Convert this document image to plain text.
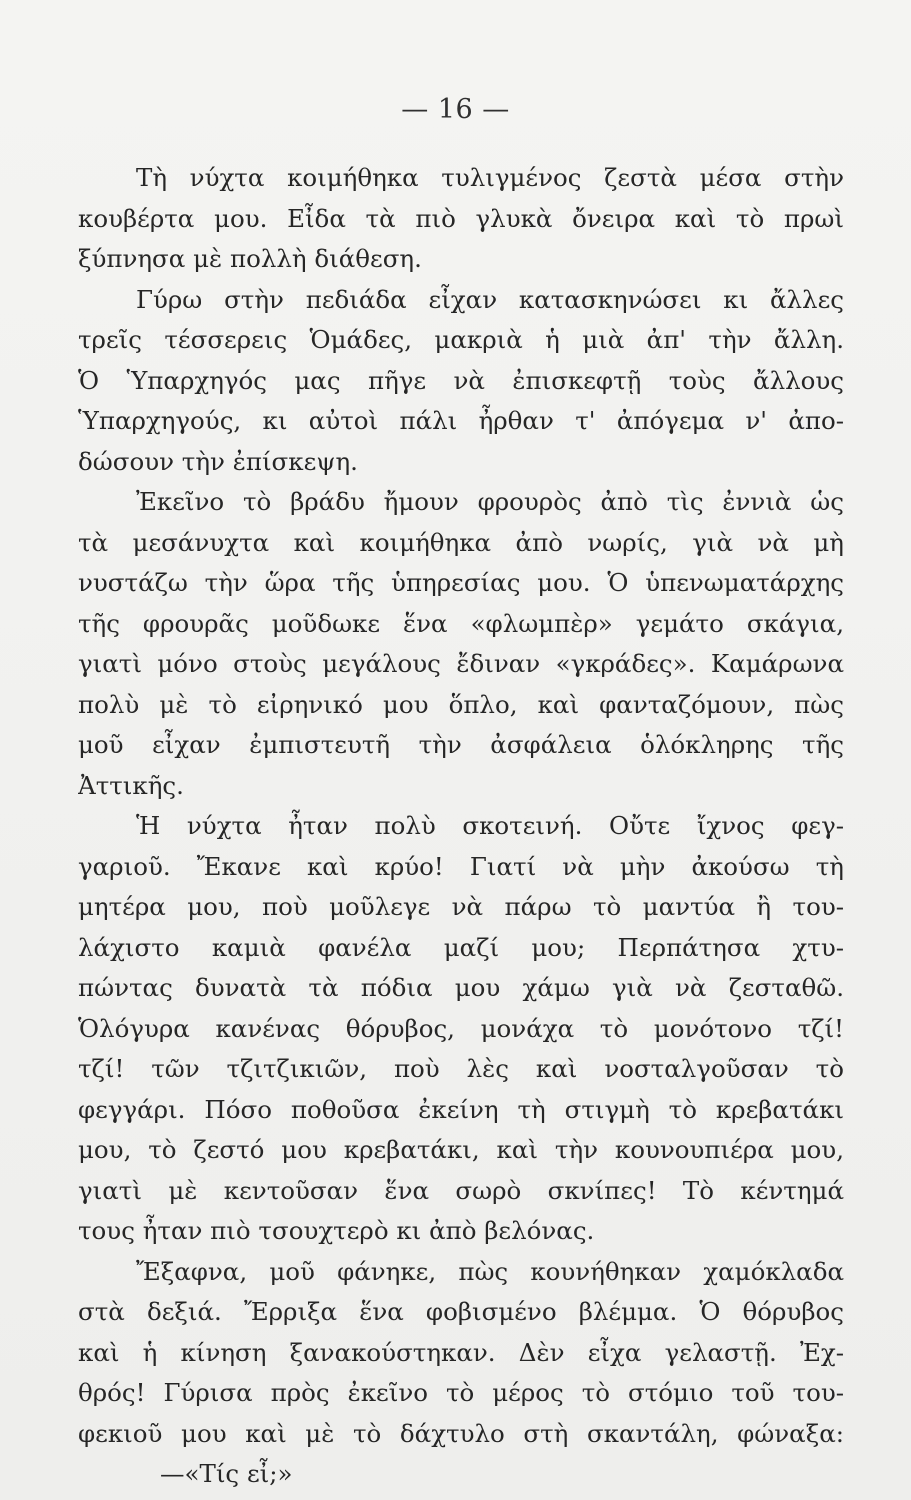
— 16 —
Τὴ νύχτα κοιμήθηκα τυλιγμένος ζεστὰ μέσα στὴν
κουβέρτα μου. Εἶδα τὰ πιὸ γλυκὰ ὄνειρα καὶ τὸ πρωὶ
ξύπνησα μὲ πολλὴ διάθεση.
Γύρω στὴν πεδιάδα εἶχαν κατασκηνώσει κι ἄλλες
τρεῖς τέσσερεις Ὁμάδες, μακριὰ ἡ μιὰ ἀπ' τὴν ἄλλη.
Ὁ Ὑπαρχηγός μας πῆγε νὰ ἐπισκεφτῇ τοὺς ἄλλους
Ὑπαρχηγούς, κι αὐτοὶ πάλι ἦρθαν τ' ἀπόγεμα ν' ἀπο-
δώσουν τὴν ἐπίσκεψη.
Ἐκεῖνο τὸ βράδυ ἤμουν φρουρὸς ἀπὸ τὶς ἐννιὰ ὡς
τὰ μεσάνυχτα καὶ κοιμήθηκα ἀπὸ νωρίς, γιὰ νὰ μὴ
νυστάζω τὴν ὥρα τῆς ὑπηρεσίας μου. Ὁ ὑπενωματάρχης
τῆς φρουρᾶς μοῦδωκε ἕνα «φλωμπὲρ» γεμάτο σκάγια,
γιατὶ μόνο στοὺς μεγάλους ἔδιναν «γκράδες». Καμάρωνα
πολὺ μὲ τὸ εἰρηνικό μου ὅπλο, καὶ φανταζόμουν, πὼς
μοῦ εἶχαν ἐμπιστευτῆ τὴν ἀσφάλεια ὁλόκληρης τῆς
Ἀττικῆς.
Ἡ νύχτα ἦταν πολὺ σκοτεινή. Οὔτε ἴχνος φεγ-
γαριοῦ. Ἔκανε καὶ κρύο! Γιατί νὰ μὴν ἀκούσω τὴ
μητέρα μου, ποὺ μοῦλεγε νὰ πάρω τὸ μαντύα ἢ του-
λάχιστο καμιὰ φανέλα μαζί μου; Περπάτησα χτυ-
πώντας δυνατὰ τὰ πόδια μου χάμω γιὰ νὰ ζεσταθῶ.
Ὁλόγυρα κανένας θόρυβος, μονάχα τὸ μονότονο τζί!
τζί! τῶν τζιτζικιῶν, ποὺ λὲς καὶ νοσταλγοῦσαν τὸ
φεγγάρι. Πόσο ποθοῦσα ἐκείνη τὴ στιγμὴ τὸ κρεβατάκι
μου, τὸ ζεστό μου κρεβατάκι, καὶ τὴν κουνουπιέρα μου,
γιατὶ μὲ κεντοῦσαν ἕνα σωρὸ σκνίπες! Τὸ κέντημά
τους ἦταν πιὸ τσουχτερὸ κι ἀπὸ βελόνας.
Ἔξαφνα, μοῦ φάνηκε, πὼς κουνήθηκαν χαμόκλαδα
στὰ δεξιά. Ἔρριξα ἕνα φοβισμένο βλέμμα. Ὁ θόρυβος
καὶ ἡ κίνηση ξανακούστηκαν. Δὲν εἶχα γελαστῇ. Ἐχ-
θρός! Γύρισα πρὸς ἐκεῖνο τὸ μέρος τὸ στόμιο τοῦ του-
φεκιοῦ μου καὶ μὲ τὸ δάχτυλο στὴ σκαντάλη, φώναξα:
—«Τίς εἶ;»
